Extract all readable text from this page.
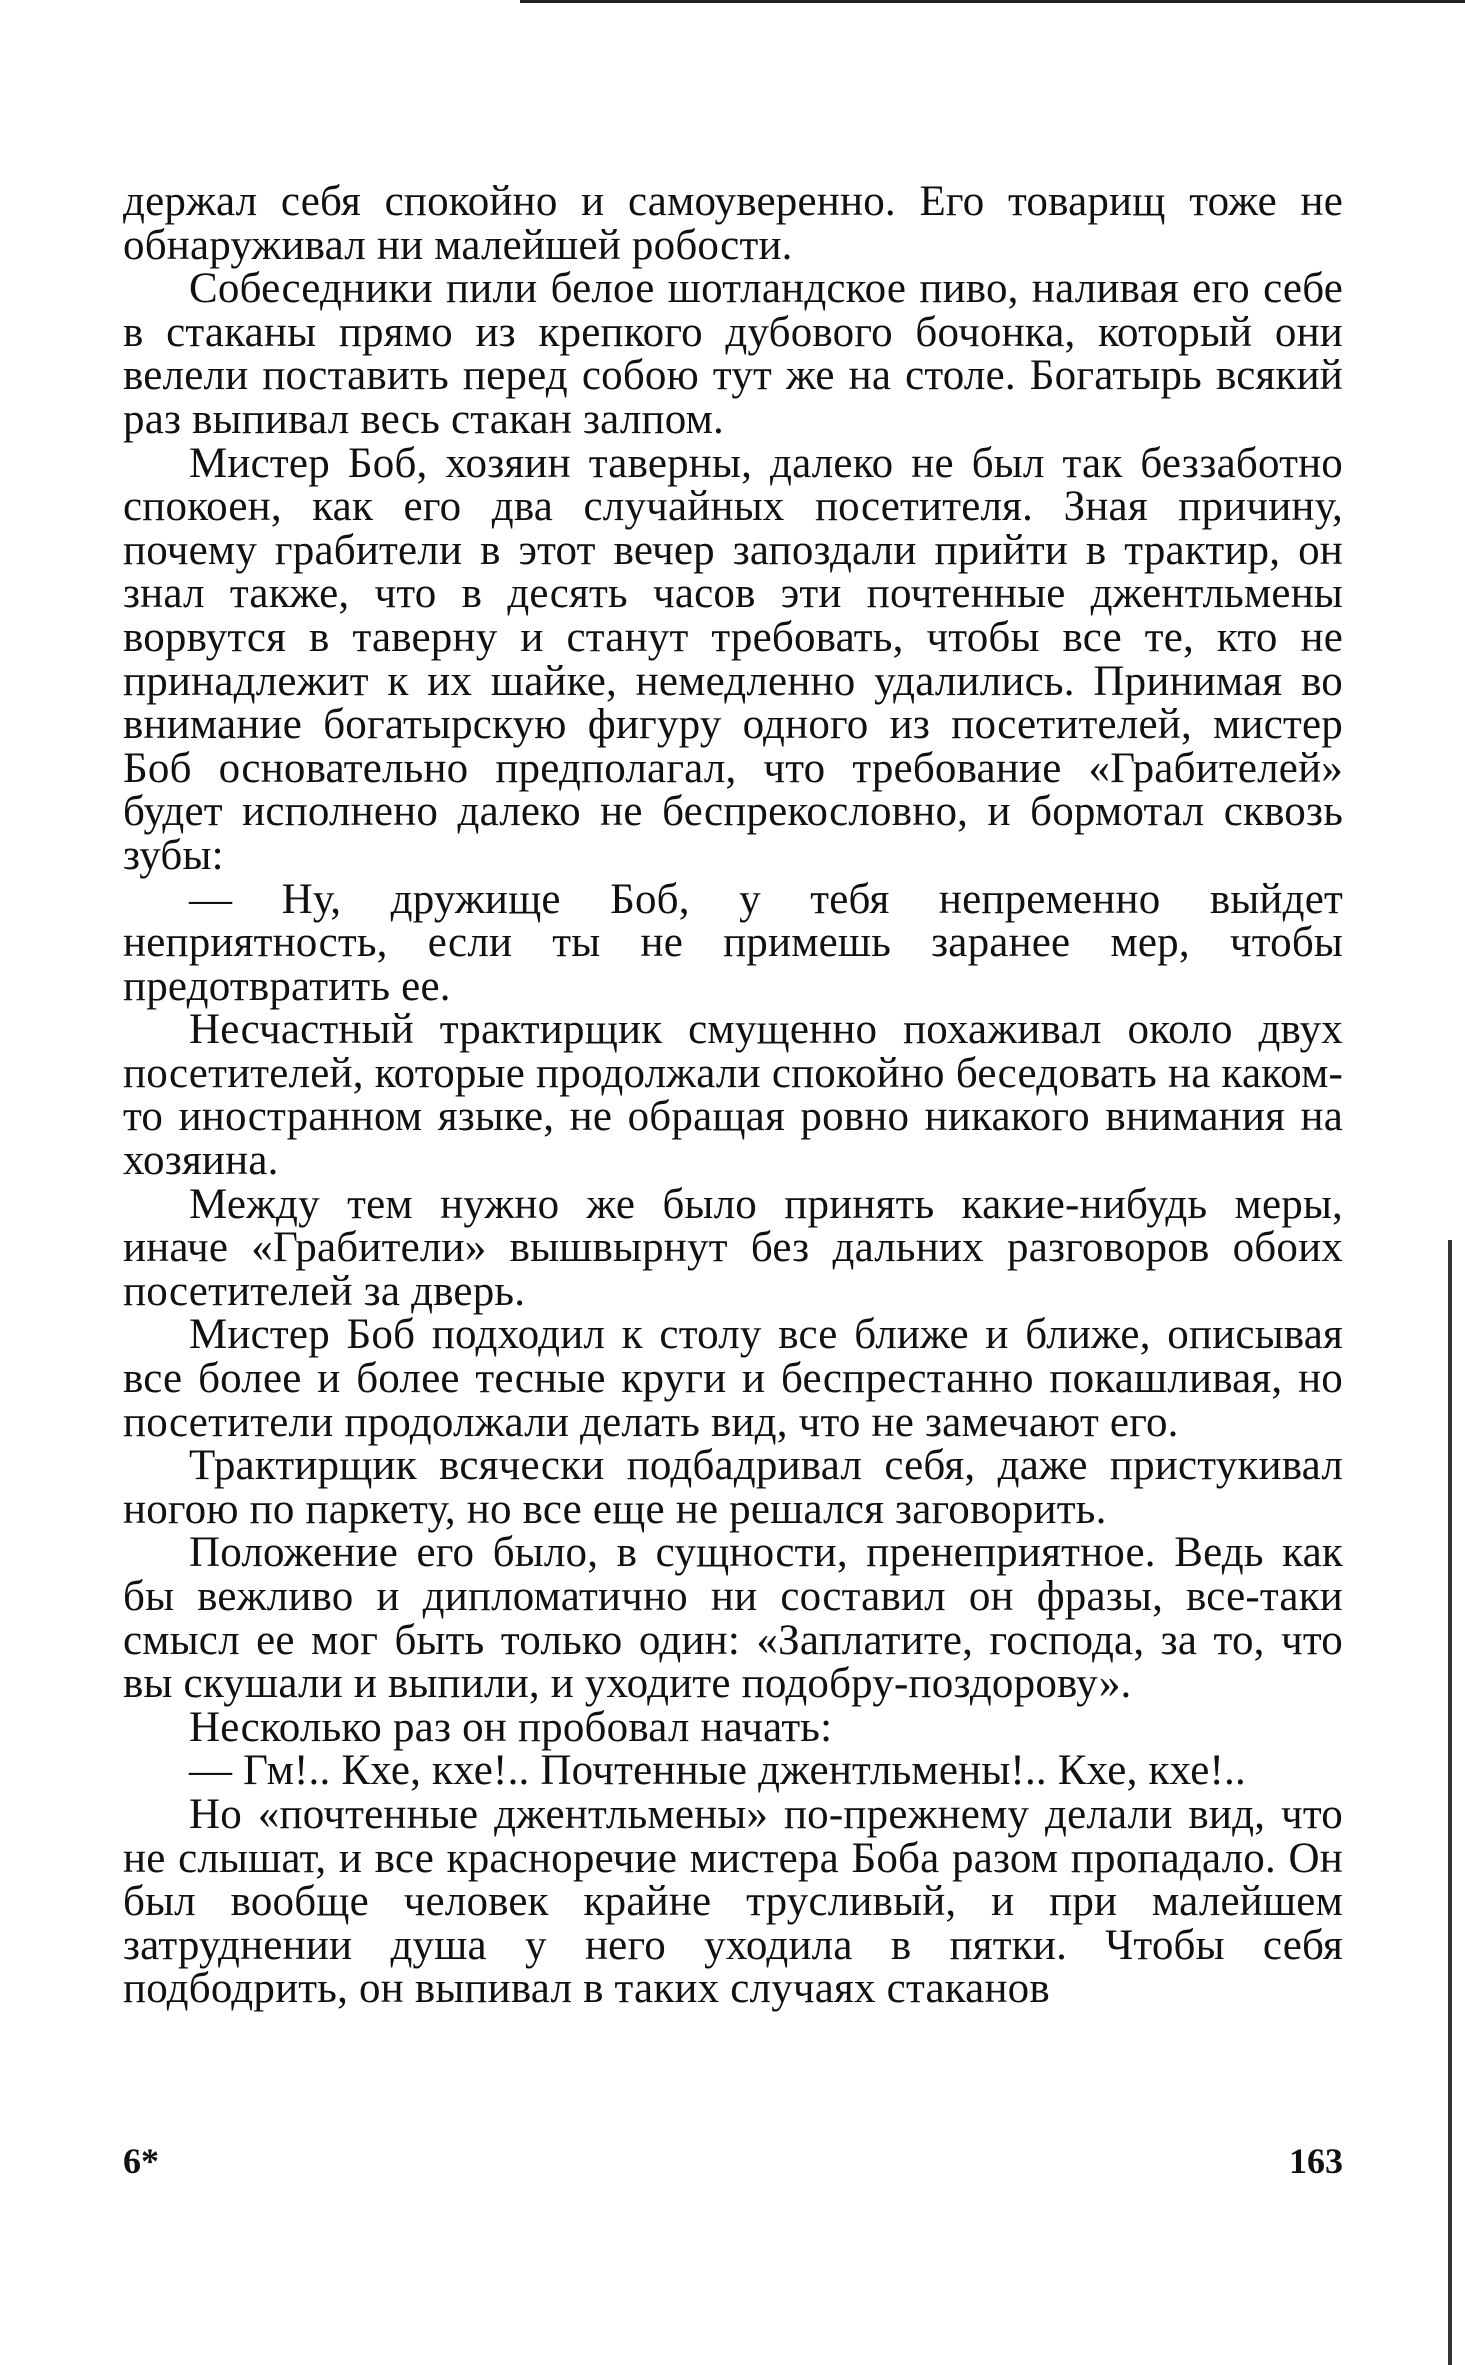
держал себя спокойно и самоуверенно. Его товарищ тоже не обнаруживал ни малейшей робости.

Собеседники пили белое шотландское пиво, наливая его себе в стаканы прямо из крепкого дубового бочонка, который они велели поставить перед собою тут же на столе. Богатырь всякий раз выпивал весь стакан залпом.

Мистер Боб, хозяин таверны, далеко не был так беззаботно спокоен, как его два случайных посетителя. Зная причину, почему грабители в этот вечер запоздали прийти в трактир, он знал также, что в десять часов эти почтенные джентльмены ворвутся в таверну и станут требовать, чтобы все те, кто не принадлежит к их шайке, немедленно удалились. Принимая во внимание богатырскую фигуру одного из посетителей, мистер Боб основательно предполагал, что требование «Грабителей» будет исполнено далеко не беспрекословно, и бормотал сквозь зубы:

— Ну, дружище Боб, у тебя непременно выйдет неприятность, если ты не примешь заранее мер, чтобы предотвратить ее.

Несчастный трактирщик смущенно похаживал около двух посетителей, которые продолжали спокойно беседовать на каком-то иностранном языке, не обращая ровно никакого внимания на хозяина.

Между тем нужно же было принять какие-нибудь меры, иначе «Грабители» вышвырнут без дальних разговоров обоих посетителей за дверь.

Мистер Боб подходил к столу все ближе и ближе, описывая все более и более тесные круги и беспрестанно покашливая, но посетители продолжали делать вид, что не замечают его.

Трактирщик всячески подбадривал себя, даже пристукивал ногою по паркету, но все еще не решался заговорить.

Положение его было, в сущности, пренеприятное. Ведь как бы вежливо и дипломатично ни составил он фразы, все-таки смысл ее мог быть только один: «Заплатите, господа, за то, что вы скушали и выпили, и уходите подобру-поздорову».

Несколько раз он пробовал начать:

— Гм!.. Кхе, кхе!.. Почтенные джентльмены!.. Кхе, кхе!..

Но «почтенные джентльмены» по-прежнему делали вид, что не слышат, и все красноречие мистера Боба разом пропадало. Он был вообще человек крайне трусливый, и при малейшем затруднении душа у него уходила в пятки. Чтобы себя подбодрить, он выпивал в таких случаях стаканов

6*	163
